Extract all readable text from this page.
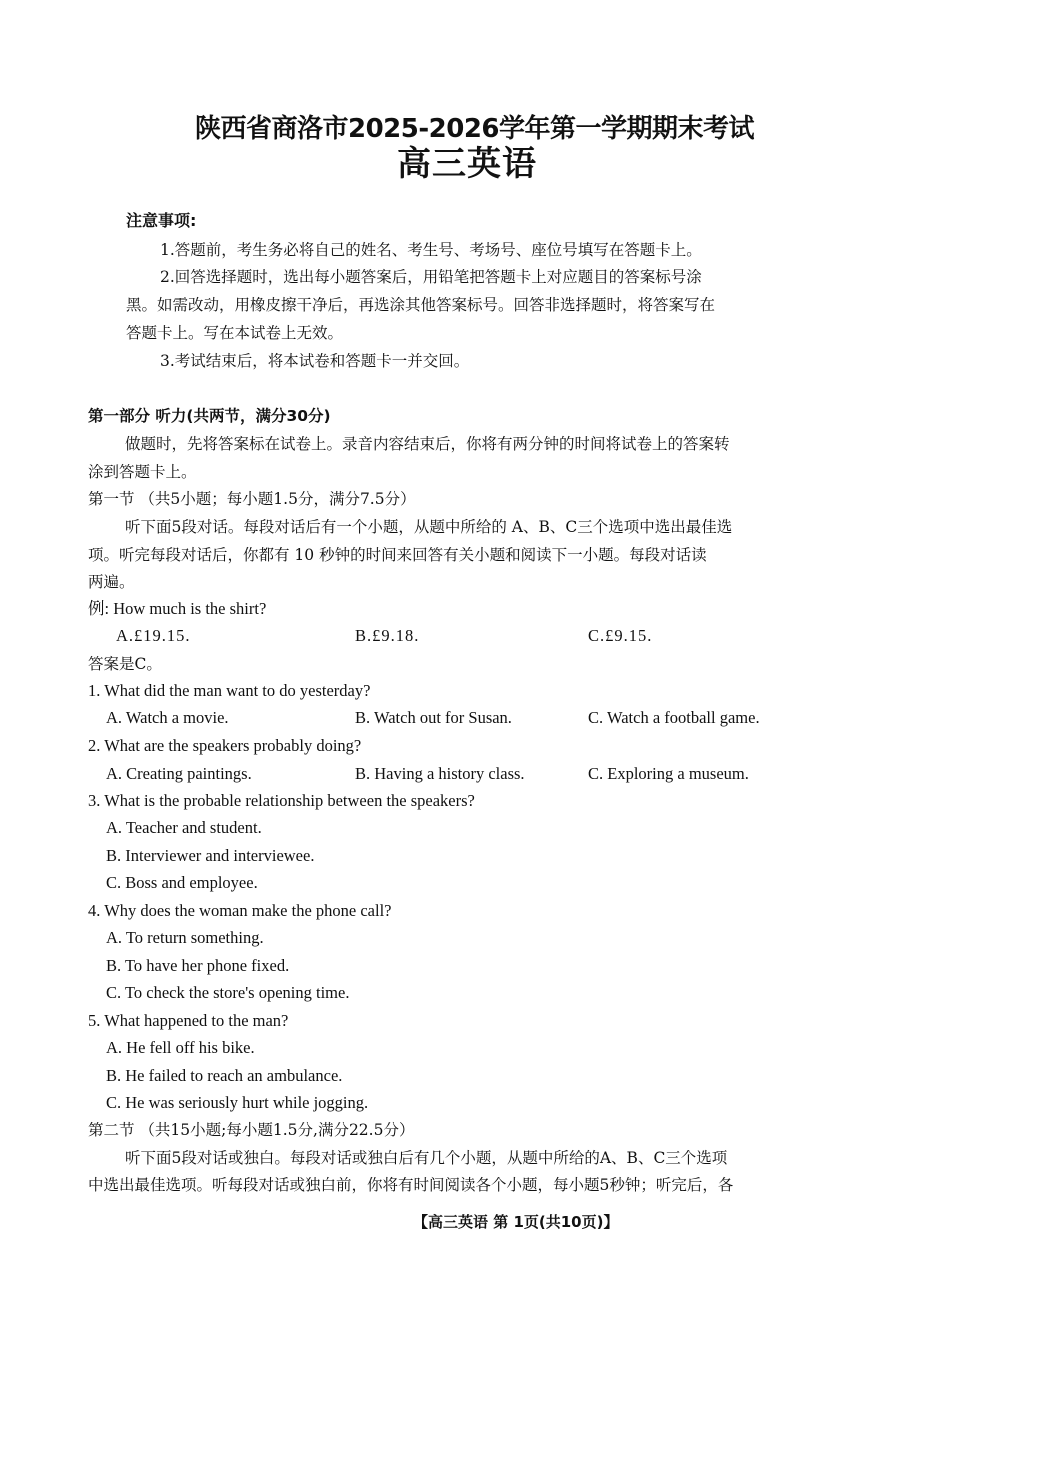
陕西省商洛市2025-2026学年第一学期期末考试
高三英语
注意事项:
1.答题前，考生务必将自己的姓名、考生号、考场号、座位号填写在答题卡上。
2.回答选择题时，选出每小题答案后，用铅笔把答题卡上对应题目的答案标号涂
黑。如需改动，用橡皮擦干净后，再选涂其他答案标号。回答非选择题时，将答案写在
答题卡上。写在本试卷上无效。
3.考试结束后，将本试卷和答题卡一并交回。
第一部分 听力(共两节，满分30分)
做题时，先将答案标在试卷上。录音内容结束后，你将有两分钟的时间将试卷上的答案转
涂到答题卡上。
第一节 （共5小题；每小题1.5分，满分7.5分）
听下面5段对话。每段对话后有一个小题，从题中所给的 A、B、C三个选项中选出最佳选
项。听完每段对话后，你都有 10 秒钟的时间来回答有关小题和阅读下一小题。每段对话读
两遍。
例: How much is the shirt?
A.£19.15.	B.£9.18.	C.£9.15.
答案是C。
1. What did the man want to do yesterday?
A. Watch a movie.	B. Watch out for Susan.	C. Watch a football game.
2. What are the speakers probably doing?
A. Creating paintings.	B. Having a history class.	C. Exploring a museum.
3. What is the probable relationship between the speakers?
A. Teacher and student.
B. Interviewer and interviewee.
C. Boss and employee.
4. Why does the woman make the phone call?
A. To return something.
B. To have her phone fixed.
C. To check the store's opening time.
5. What happened to the man?
A. He fell off his bike.
B. He failed to reach an ambulance.
C. He was seriously hurt while jogging.
第二节 （共15小题;每小题1.5分,满分22.5分）
听下面5段对话或独白。每段对话或独白后有几个小题，从题中所给的A、B、C三个选项
中选出最佳选项。听每段对话或独白前，你将有时间阅读各个小题，每小题5秒钟；听完后，各
【高三英语 第 1页(共10页)】
